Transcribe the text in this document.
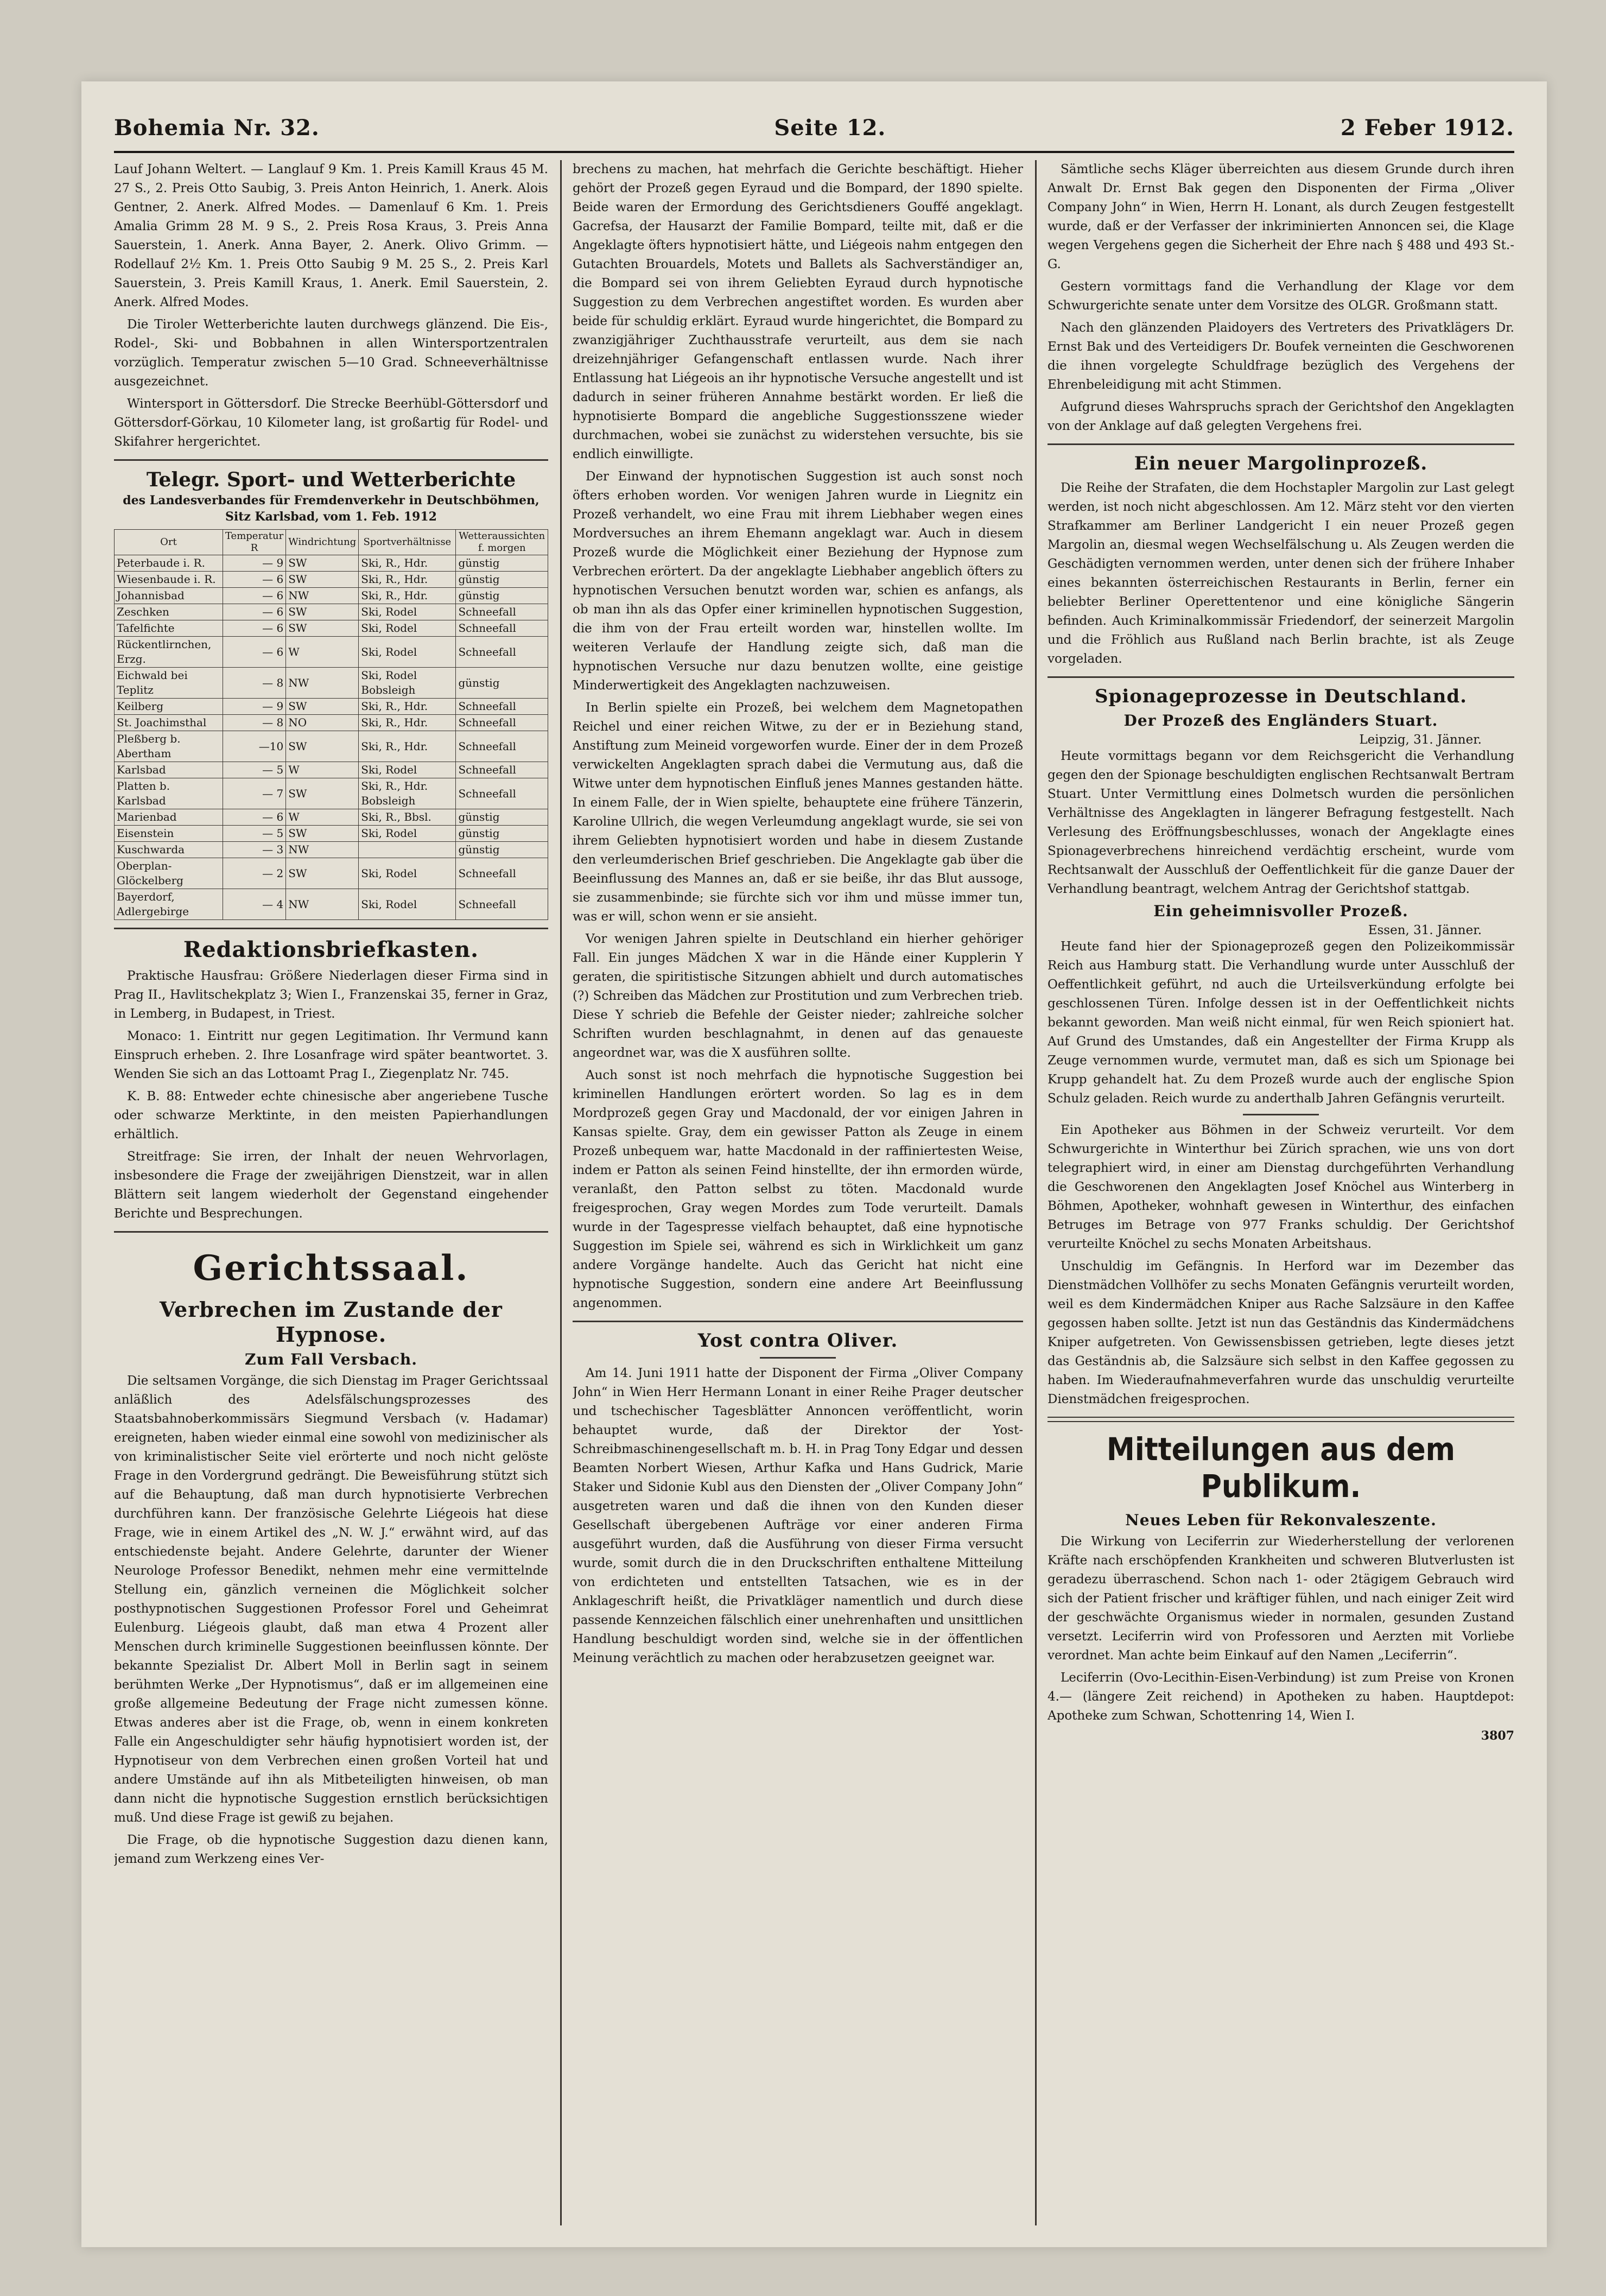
Bohemia Nr. 32.	Seite 12.	2 Feber 1912.

Lauf Johann Weltert. — Langlauf 9 Km. 1. Preis Kamill Kraus 45 M. 27 S., 2. Preis Otto Saubig, 3. Preis Anton Heinrich, 1. Anerk. Alois Gentner, 2. Anerk. Alfred Modes. — Damenlauf 6 Km. 1. Preis Amalia Grimm 28 M. 9 S., 2. Preis Rosa Kraus, 3. Preis Anna Sauerstein, 1. Anerk. Anna Bayer, 2. Anerk. Olivo Grimm. — Rodellauf 2½ Km. 1. Preis Otto Saubig 9 M. 25 S., 2. Preis Karl Sauerstein, 3. Preis Kamill Kraus, 1. Anerk. Emil Sauerstein, 2. Anerk. Alfred Modes.

Die Tiroler Wetterberichte lauten durchwegs glänzend. Die Eis-, Rodel-, Ski- und Bobbahnen in allen Wintersportzentralen vorzüglich. Temperatur zwischen 5—10 Grad. Schneeverhältnisse ausgezeichnet.

Wintersport in Göttersdorf. Die Strecke Beerhübl-Göttersdorf und Göttersdorf-Görkau, 10 Kilometer lang, ist großartig für Rodel- und Skifahrer hergerichtet.

Telegr. Sport- und Wetterberichte
des Landesverbandes für Fremdenverkehr in Deutschböhmen, Sitz Karlsbad, vom 1. Feb. 1912
Ort	Temperatur R	Windrichtung	Sportverhältnisse	Wetteraussichten f. morgen
Peterbaude i. R.	— 9	SW	Ski, R., Hdr.	günstig
Wiesenbaude i. R.	— 6	SW	Ski, R., Hdr.	günstig
Johannisbad	— 6	NW	Ski, R., Hdr.	günstig
Zeschken	— 6	SW	Ski, Rodel	Schneefall
Tafelfichte	— 6	SW	Ski, Rodel	Schneefall
Rückentlirnchen, Erzg.	— 6	W	Ski, Rodel	Schneefall
Eichwald bei Teplitz	— 8	NW	Ski, Rodel Bobsleigh	günstig
Keilberg	— 9	SW	Ski, R., Hdr.	Schneefall
St. Joachimsthal	— 8	NO	Ski, R., Hdr.	Schneefall
Pleßberg b. Abertham	—10	SW	Ski, R., Hdr.	Schneefall
Karlsbad	— 5	W	Ski, Rodel	Schneefall
Platten b. Karlsbad	— 7	SW	Ski, R., Hdr. Bobsleigh	Schneefall
Marienbad	— 6	W	Ski, R., Bbsl.	günstig
Eisenstein	— 5	SW	Ski, Rodel	günstig
Kuschwarda	— 3	NW		günstig
Oberplan-Glöckelberg	— 2	SW	Ski, Rodel	Schneefall
Bayerdorf, Adlergebirge	— 4	NW	Ski, Rodel	Schneefall
Redaktionsbriefkasten.

Praktische Hausfrau: Größere Niederlagen dieser Firma sind in Prag II., Havlitschekplatz 3; Wien I., Franzenskai 35, ferner in Graz, in Lemberg, in Budapest, in Triest.

Monaco: 1. Eintritt nur gegen Legitimation. Ihr Vermund kann Einspruch erheben. 2. Ihre Losanfrage wird später beantwortet. 3. Wenden Sie sich an das Lottoamt Prag I., Ziegenplatz Nr. 745.

K. B. 88: Entweder echte chinesische aber angeriebene Tusche oder schwarze Merktinte, in den meisten Papierhandlungen erhältlich.

Streitfrage: Sie irren, der Inhalt der neuen Wehrvorlagen, insbesondere die Frage der zweijährigen Dienstzeit, war in allen Blättern seit langem wiederholt der Gegenstand eingehender Berichte und Besprechungen.

Gerichtssaal.
Verbrechen im Zustande der Hypnose.
Zum Fall Versbach.

Die seltsamen Vorgänge, die sich Dienstag im Prager Gerichtssaal anläßlich des Adelsfälschungsprozesses des Staatsbahnoberkommissärs Siegmund Versbach (v. Hadamar) ereigneten, haben wieder einmal eine sowohl von medizinischer als von kriminalistischer Seite viel erörterte und noch nicht gelöste Frage in den Vordergrund gedrängt. Die Beweisführung stützt sich auf die Behauptung, daß man durch hypnotisierte Verbrechen durchführen kann. Der französische Gelehrte Liégeois hat diese Frage, wie in einem Artikel des „N. W. J.“ erwähnt wird, auf das entschiedenste bejaht. Andere Gelehrte, darunter der Wiener Neurologe Professor Benedikt, nehmen mehr eine vermittelnde Stellung ein, gänzlich verneinen die Möglichkeit solcher posthypnotischen Suggestionen Professor Forel und Geheimrat Eulenburg. Liégeois glaubt, daß man etwa 4 Prozent aller Menschen durch kriminelle Suggestionen beeinflussen könnte. Der bekannte Spezialist Dr. Albert Moll in Berlin sagt in seinem berühmten Werke „Der Hypnotismus“, daß er im allgemeinen eine große allgemeine Bedeutung der Frage nicht zumessen könne. Etwas anderes aber ist die Frage, ob, wenn in einem konkreten Falle ein Angeschuldigter sehr häufig hypnotisiert worden ist, der Hypnotiseur von dem Verbrechen einen großen Vorteil hat und andere Umstände auf ihn als Mitbeteiligten hinweisen, ob man dann nicht die hypnotische Suggestion ernstlich berücksichtigen muß. Und diese Frage ist gewiß zu bejahen.

Die Frage, ob die hypnotische Suggestion dazu dienen kann, jemand zum Werkzeng eines Ver-

brechens zu machen, hat mehrfach die Gerichte beschäftigt. Hieher gehört der Prozeß gegen Eyraud und die Bompard, der 1890 spielte. Beide waren der Ermordung des Gerichtsdieners Gouffé angeklagt. Gacrefsa, der Hausarzt der Familie Bompard, teilte mit, daß er die Angeklagte öfters hypnotisiert hätte, und Liégeois nahm entgegen den Gutachten Brouardels, Motets und Ballets als Sachverständiger an, die Bompard sei von ihrem Geliebten Eyraud durch hypnotische Suggestion zu dem Verbrechen angestiftet worden. Es wurden aber beide für schuldig erklärt. Eyraud wurde hingerichtet, die Bompard zu zwanzigjähriger Zuchthausstrafe verurteilt, aus dem sie nach dreizehnjähriger Gefangenschaft entlassen wurde. Nach ihrer Entlassung hat Liégeois an ihr hypnotische Versuche angestellt und ist dadurch in seiner früheren Annahme bestärkt worden. Er ließ die hypnotisierte Bompard die angebliche Suggestionsszene wieder durchmachen, wobei sie zunächst zu widerstehen versuchte, bis sie endlich einwilligte.

Der Einwand der hypnotischen Suggestion ist auch sonst noch öfters erhoben worden. Vor wenigen Jahren wurde in Liegnitz ein Prozeß verhandelt, wo eine Frau mit ihrem Liebhaber wegen eines Mordversuches an ihrem Ehemann angeklagt war. Auch in diesem Prozeß wurde die Möglichkeit einer Beziehung der Hypnose zum Verbrechen erörtert. Da der angeklagte Liebhaber angeblich öfters zu hypnotischen Versuchen benutzt worden war, schien es anfangs, als ob man ihn als das Opfer einer kriminellen hypnotischen Suggestion, die ihm von der Frau erteilt worden war, hinstellen wollte. Im weiteren Verlaufe der Handlung zeigte sich, daß man die hypnotischen Versuche nur dazu benutzen wollte, eine geistige Minderwertigkeit des Angeklagten nachzuweisen.

In Berlin spielte ein Prozeß, bei welchem dem Magnetopathen Reichel und einer reichen Witwe, zu der er in Beziehung stand, Anstiftung zum Meineid vorgeworfen wurde. Einer der in dem Prozeß verwickelten Angeklagten sprach dabei die Vermutung aus, daß die Witwe unter dem hypnotischen Einfluß jenes Mannes gestanden hätte. In einem Falle, der in Wien spielte, behauptete eine frühere Tänzerin, Karoline Ullrich, die wegen Verleumdung angeklagt wurde, sie sei von ihrem Geliebten hypnotisiert worden und habe in diesem Zustande den verleumderischen Brief geschrieben. Die Angeklagte gab über die Beeinflussung des Mannes an, daß er sie beiße, ihr das Blut aussoge, sie zusammenbinde; sie fürchte sich vor ihm und müsse immer tun, was er will, schon wenn er sie ansieht.

Vor wenigen Jahren spielte in Deutschland ein hierher gehöriger Fall. Ein junges Mädchen X war in die Hände einer Kupplerin Y geraten, die spiritistische Sitzungen abhielt und durch automatisches (?) Schreiben das Mädchen zur Prostitution und zum Verbrechen trieb. Diese Y schrieb die Befehle der Geister nieder; zahlreiche solcher Schriften wurden beschlagnahmt, in denen auf das genaueste angeordnet war, was die X ausführen sollte.

Auch sonst ist noch mehrfach die hypnotische Suggestion bei kriminellen Handlungen erörtert worden. So lag es in dem Mordprozeß gegen Gray und Macdonald, der vor einigen Jahren in Kansas spielte. Gray, dem ein gewisser Patton als Zeuge in einem Prozeß unbequem war, hatte Macdonald in der raffiniertesten Weise, indem er Patton als seinen Feind hinstellte, der ihn ermorden würde, veranlaßt, den Patton selbst zu töten. Macdonald wurde freigesprochen, Gray wegen Mordes zum Tode verurteilt. Damals wurde in der Tagespresse vielfach behauptet, daß eine hypnotische Suggestion im Spiele sei, während es sich in Wirklichkeit um ganz andere Vorgänge handelte. Auch das Gericht hat nicht eine hypnotische Suggestion, sondern eine andere Art Beeinflussung angenommen.

Yost contra Oliver.

Am 14. Juni 1911 hatte der Disponent der Firma „Oliver Company John“ in Wien Herr Hermann Lonant in einer Reihe Prager deutscher und tschechischer Tagesblätter Annoncen veröffentlicht, worin behauptet wurde, daß der Direktor der Yost-Schreibmaschinengesellschaft m. b. H. in Prag Tony Edgar und dessen Beamten Norbert Wiesen, Arthur Kafka und Hans Gudrick, Marie Staker und Sidonie Kubl aus den Diensten der „Oliver Company John“ ausgetreten waren und daß die ihnen von den Kunden dieser Gesellschaft übergebenen Aufträge vor einer anderen Firma ausgeführt wurden, daß die Ausführung von dieser Firma versucht wurde, somit durch die in den Druckschriften enthaltene Mitteilung von erdichteten und entstellten Tatsachen, wie es in der Anklageschrift heißt, die Privatkläger namentlich und durch diese passende Kennzeichen fälschlich einer unehrenhaften und unsittlichen Handlung beschuldigt worden sind, welche sie in der öffentlichen Meinung verächtlich zu machen oder herabzusetzen geeignet war.

Sämtliche sechs Kläger überreichten aus diesem Grunde durch ihren Anwalt Dr. Ernst Bak gegen den Disponenten der Firma „Oliver Company John“ in Wien, Herrn H. Lonant, als durch Zeugen festgestellt wurde, daß er der Verfasser der inkriminierten Annoncen sei, die Klage wegen Vergehens gegen die Sicherheit der Ehre nach § 488 und 493 St.-G.

Gestern vormittags fand die Verhandlung der Klage vor dem Schwurgerichte senate unter dem Vorsitze des OLGR. Großmann statt.

Nach den glänzenden Plaidoyers des Vertreters des Privatklägers Dr. Ernst Bak und des Verteidigers Dr. Boufek verneinten die Geschworenen die ihnen vorgelegte Schuldfrage bezüglich des Vergehens der Ehrenbeleidigung mit acht Stimmen.

Aufgrund dieses Wahrspruchs sprach der Gerichtshof den Angeklagten von der Anklage auf daß gelegten Vergehens frei.

Ein neuer Margolinprozeß.

Die Reihe der Strafaten, die dem Hochstapler Margolin zur Last gelegt werden, ist noch nicht abgeschlossen. Am 12. März steht vor den vierten Strafkammer am Berliner Landgericht I ein neuer Prozeß gegen Margolin an, diesmal wegen Wechselfälschung u. Als Zeugen werden die Geschädigten vernommen werden, unter denen sich der frühere Inhaber eines bekannten österreichischen Restaurants in Berlin, ferner ein beliebter Berliner Operettentenor und eine königliche Sängerin befinden. Auch Kriminalkommissär Friedendorf, der seinerzeit Margolin und die Fröhlich aus Rußland nach Berlin brachte, ist als Zeuge vorgeladen.

Spionageprozesse in Deutschland.
Der Prozeß des Engländers Stuart.
Leipzig, 31. Jänner.

Heute vormittags begann vor dem Reichsgericht die Verhandlung gegen den der Spionage beschuldigten englischen Rechtsanwalt Bertram Stuart. Unter Vermittlung eines Dolmetsch wurden die persönlichen Verhältnisse des Angeklagten in längerer Befragung festgestellt. Nach Verlesung des Eröffnungsbeschlusses, wonach der Angeklagte eines Spionageverbrechens hinreichend verdächtig erscheint, wurde vom Rechtsanwalt der Ausschluß der Oeffentlichkeit für die ganze Dauer der Verhandlung beantragt, welchem Antrag der Gerichtshof stattgab.

Ein geheimnisvoller Prozeß.
Essen, 31. Jänner.

Heute fand hier der Spionageprozeß gegen den Polizeikommissär Reich aus Hamburg statt. Die Verhandlung wurde unter Ausschluß der Oeffentlichkeit geführt, nd auch die Urteilsverkündung erfolgte bei geschlossenen Türen. Infolge dessen ist in der Oeffentlichkeit nichts bekannt geworden. Man weiß nicht einmal, für wen Reich spioniert hat. Auf Grund des Umstandes, daß ein Angestellter der Firma Krupp als Zeuge vernommen wurde, vermutet man, daß es sich um Spionage bei Krupp gehandelt hat. Zu dem Prozeß wurde auch der englische Spion Schulz geladen. Reich wurde zu anderthalb Jahren Gefängnis verurteilt.

Ein Apotheker aus Böhmen in der Schweiz verurteilt. Vor dem Schwurgerichte in Winterthur bei Zürich sprachen, wie uns von dort telegraphiert wird, in einer am Dienstag durchgeführten Verhandlung die Geschworenen den Angeklagten Josef Knöchel aus Winterberg in Böhmen, Apotheker, wohnhaft gewesen in Winterthur, des einfachen Betruges im Betrage von 977 Franks schuldig. Der Gerichtshof verurteilte Knöchel zu sechs Monaten Arbeitshaus.

Unschuldig im Gefängnis. In Herford war im Dezember das Dienstmädchen Vollhöfer zu sechs Monaten Gefängnis verurteilt worden, weil es dem Kindermädchen Kniper aus Rache Salzsäure in den Kaffee gegossen haben sollte. Jetzt ist nun das Geständnis das Kindermädchens Kniper aufgetreten. Von Gewissensbissen getrieben, legte dieses jetzt das Geständnis ab, die Salzsäure sich selbst in den Kaffee gegossen zu haben. Im Wiederaufnahmeverfahren wurde das unschuldig verurteilte Dienstmädchen freigesprochen.

Mitteilungen aus dem Publikum.
Neues Leben für Rekonvaleszente.

Die Wirkung von Leciferrin zur Wiederherstellung der verlorenen Kräfte nach erschöpfenden Krankheiten und schweren Blutverlusten ist geradezu überraschend. Schon nach 1- oder 2tägigem Gebrauch wird sich der Patient frischer und kräftiger fühlen, und nach einiger Zeit wird der geschwächte Organismus wieder in normalen, gesunden Zustand versetzt. Leciferrin wird von Professoren und Aerzten mit Vorliebe verordnet. Man achte beim Einkauf auf den Namen „Leciferrin“.

Leciferrin (Ovo-Lecithin-Eisen-Verbindung) ist zum Preise von Kronen 4.— (längere Zeit reichend) in Apotheken zu haben. Hauptdepot: Apotheke zum Schwan, Schottenring 14, Wien I.

3807
